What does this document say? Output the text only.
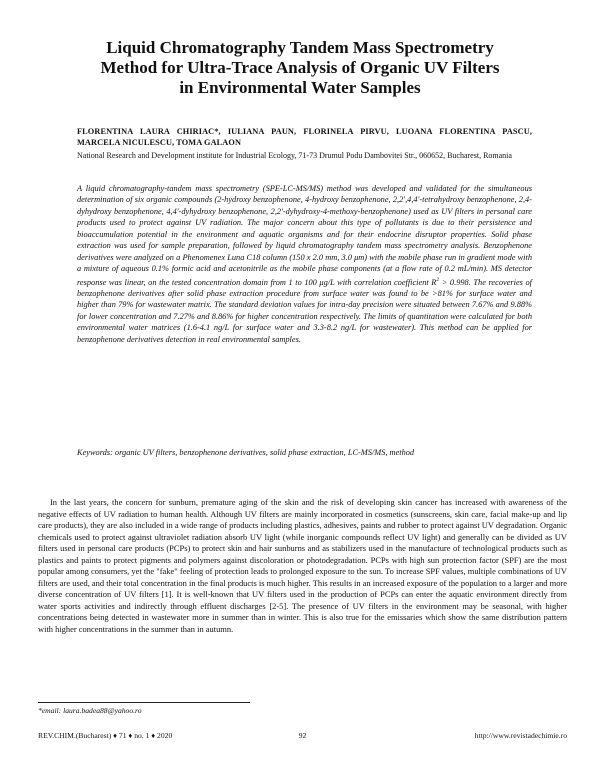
Liquid Chromatography Tandem Mass Spectrometry
Method for Ultra-Trace Analysis of Organic UV Filters
in Environmental Water Samples
FLORENTINA LAURA CHIRIAC*, IULIANA PAUN, FLORINELA PIRVU, LUOANA FLORENTINA PASCU, MARCELA NICULESCU, TOMA GALAON
National Research and Development institute for Industrial Ecology, 71-73 Drumul Podu Dambovitei Str., 060652, Bucharest, Romania

A liquid chromatography-tandem mass spectrometry (SPE-LC-MS/MS) method was developed and validated for the simultaneous determination of six organic compounds (2-hydroxy benzophenone, 4-hydroxy benzophenone, 2,2',4,4'-tetrahydroxy benzophenone, 2,4-dyhydroxy benzophenone, 4,4'-dyhydroxy benzophenone, 2,2'-dyhydroxy-4-methoxy-benzophenone) used as UV filters in personal care products used to protect against UV radiation. The major concern about this type of pollutants is due to their persistence and bioaccumulation potential in the environment and aquatic organisms and for their endocrine disruptor properties. Solid phase extraction was used for sample preparation, followed by liquid chromatography tandem mass spectrometry analysis. Benzophenone derivatives were analyzed on a Phenomenex Luna C18 column (150 x 2.0 mm, 3.0 μm) with the mobile phase run in gradient mode with a mixture of aqueous 0.1% formic acid and acetonitrile as the mobile phase components (at a flow rate of 0.2 mL/min). MS detector response was linear, on the tested concentration domain from 1 to 100 μg/L with correlation coefficient $R^2 > 0.998$. The recoveries of benzophenone derivatives after solid phase extraction procedure from surface water was found to be >81% for surface water and higher than 79% for wastewater matrix. The standard deviation values for intra-day precision were situated between 7.67% and 9.88% for lower concentration and 7.27% and 8.86% for higher concentration respectively. The limits of quantitation were calculated for both environmental water matrices (1.6-4.1 ng/L for surface water and 3.3-8.2 ng/L for wastewater). This method can be applied for benzophenone derivatives detection in real environmental samples.

Keywords: organic UV filters, benzophenone derivatives, solid phase extraction, LC-MS/MS, method

In the last years, the concern for sunburn, premature aging of the skin and the risk of developing skin cancer has increased with awareness of the negative effects of UV radiation to human health. Although UV filters are mainly incorporated in cosmetics (sunscreens, skin care, facial make-up and lip care products), they are also included in a wide range of products including plastics, adhesives, paints and rubber to protect against UV degradation. Organic chemicals used to protect against ultraviolet radiation absorb UV light (while inorganic compounds reflect UV light) and generally can be divided as UV filters used in personal care products (PCPs) to protect skin and hair sunburns and as stabilizers used in the manufacture of technological products such as plastics and paints to protect pigments and polymers against discoloration or photodegradation. PCPs with high sun protection factor (SPF) are the most popular among consumers, yet the "fake" feeling of protection leads to prolonged exposure to the sun. To increase SPF values, multiple combinations of UV filters are used, and their total concentration in the final products is much higher. This results in an increased exposure of the population to a larger and more diverse concentration of UV filters [1]. It is well-known that UV filters used in the production of PCPs can enter the aquatic environment directly from water sports activities and indirectly through effluent discharges [2-5]. The presence of UV filters in the environment may be seasonal, with higher concentrations being detected in wastewater more in summer than in winter. This is also true for the emissaries which show the same distribution pattern with higher concentrations in the summer than in autumn.

*email: laura.badea88@yahoo.ro
REV.CHIM.(Bucharest) ♦ 71 ♦ no. 1 ♦ 2020	92	http://www.revistadechimie.ro
